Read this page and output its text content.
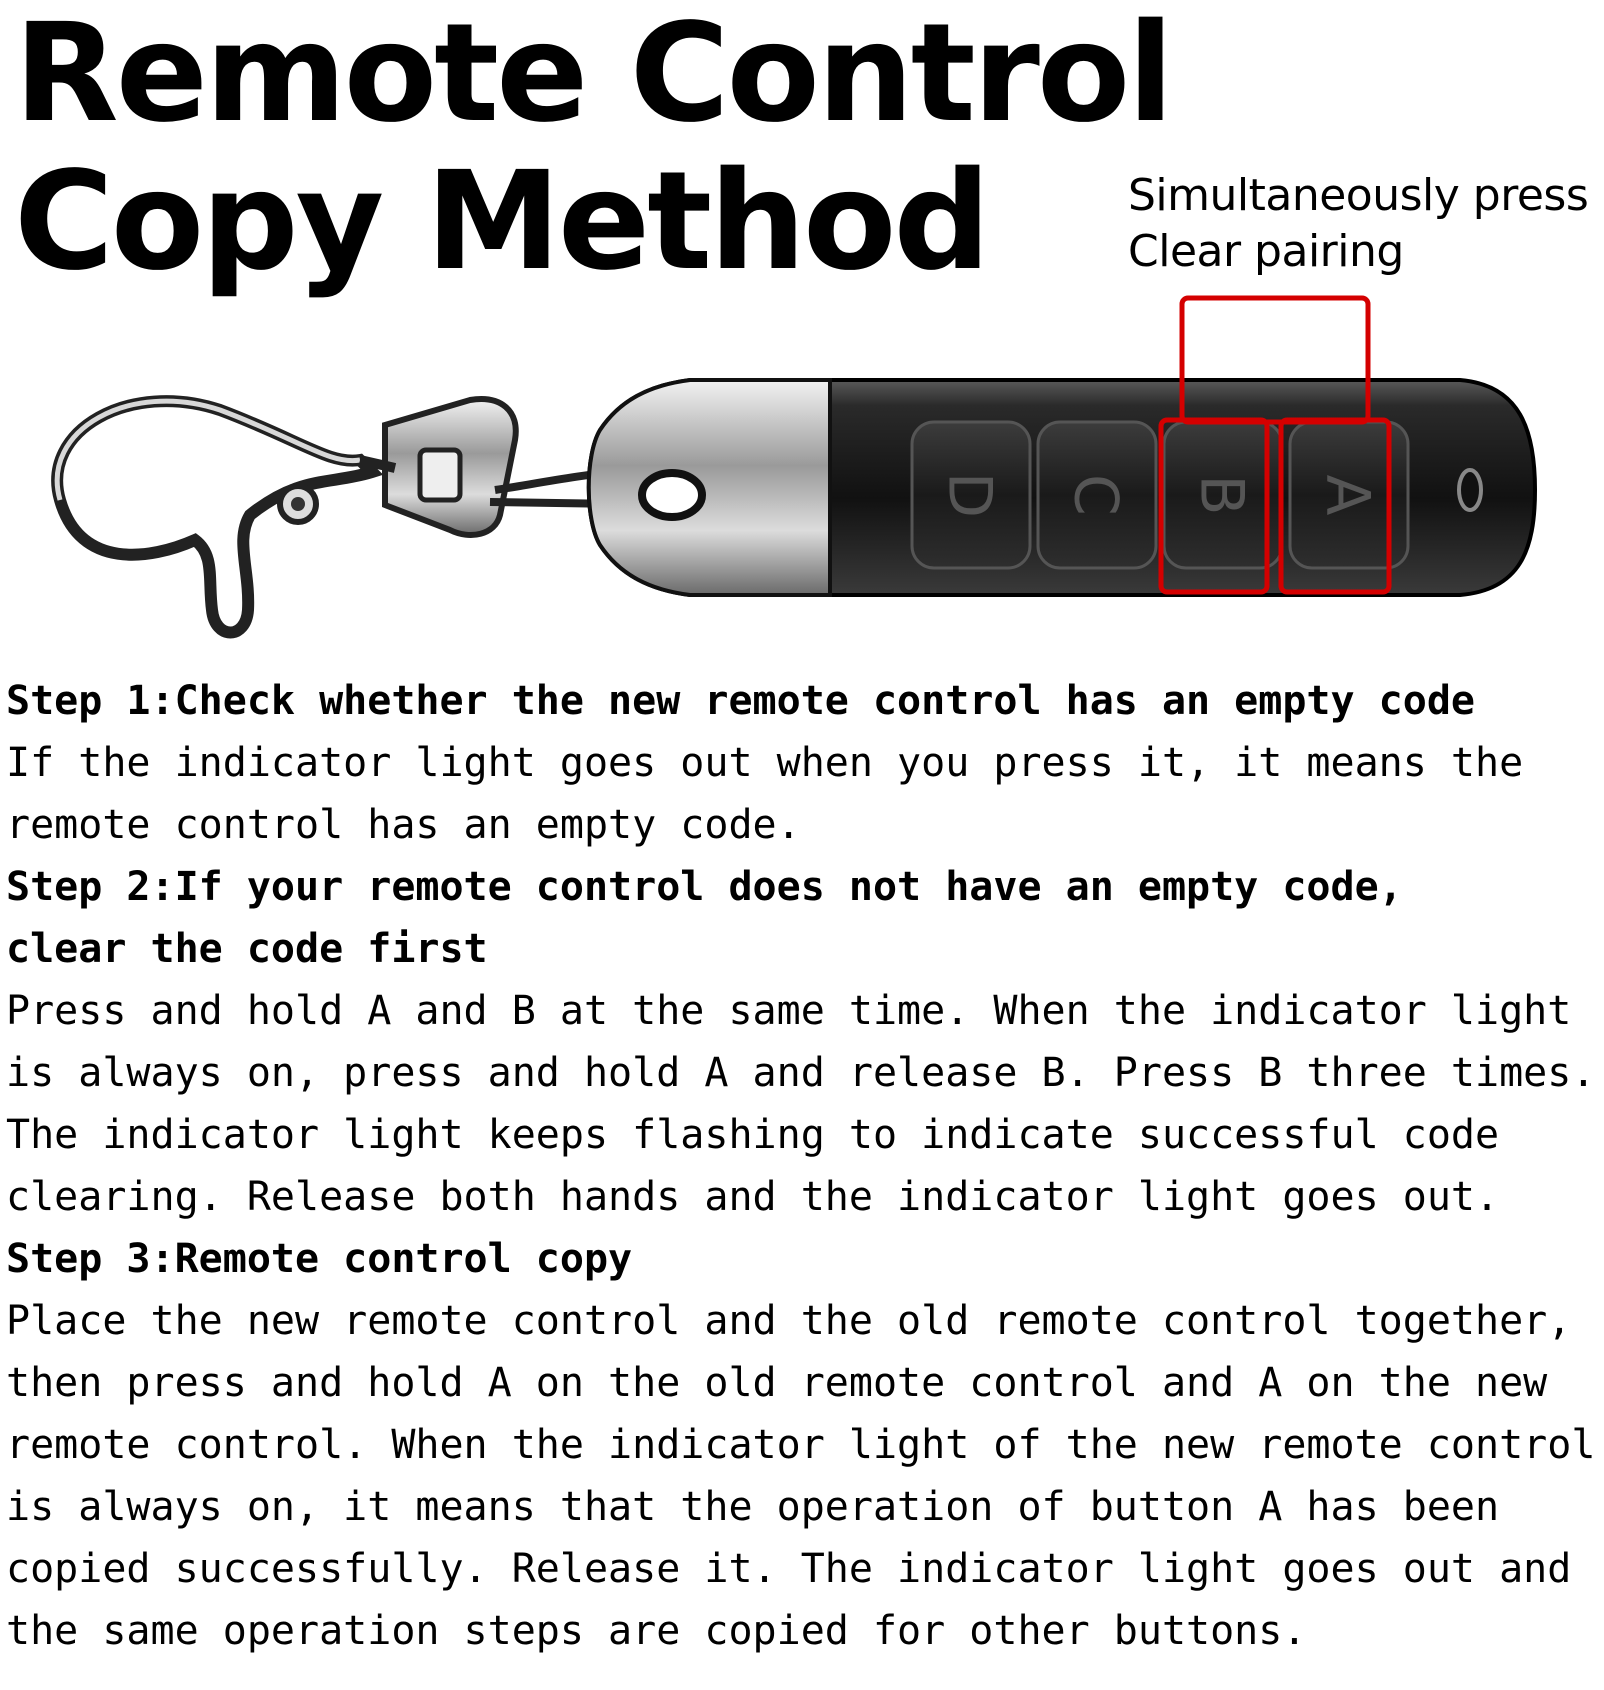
Remote Control
Copy Method	Simultaneously press
Clear pairing
D C B A
Step 1:Check whether the new remote control has an empty code
If the indicator light goes out when you press it, it means the
remote control has an empty code.
Step 2:If your remote control does not have an empty code,
clear the code first
Press and hold A and B at the same time. When the indicator light
is always on, press and hold A and release B. Press B three times.
The indicator light keeps flashing to indicate successful code
clearing. Release both hands and the indicator light goes out.
Step 3:Remote control copy
Place the new remote control and the old remote control together,
then press and hold A on the old remote control and A on the new
remote control. When the indicator light of the new remote control
is always on, it means that the operation of button A has been
copied successfully. Release it. The indicator light goes out and
the same operation steps are copied for other buttons.
